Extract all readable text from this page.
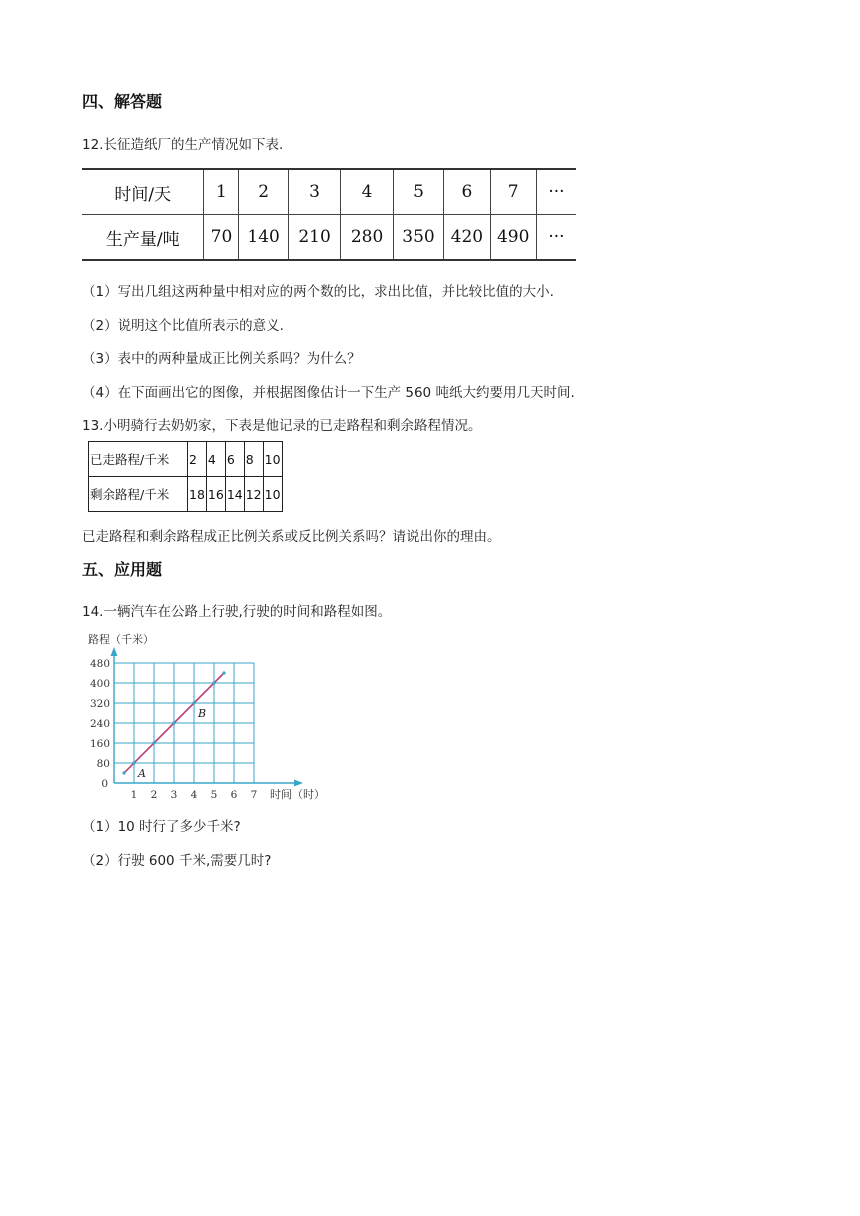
四、解答题
12.长征造纸厂的生产情况如下表.
时间/天	1	2	3	4	5	6	7	···
生产量/吨	70	140	210	280	350	420	490	···
（1）写出几组这两种量中相对应的两个数的比，求出比值，并比较比值的大小.
（2）说明这个比值所表示的意义.
（3）表中的两种量成正比例关系吗？为什么？
（4）在下面画出它的图像，并根据图像估计一下生产 560 吨纸大约要用几天时间.
13.小明骑行去奶奶家，下表是他记录的已走路程和剩余路程情况。
已走路程/千米	2	4	6	8	10
剩余路程/千米	18	16	14	12	10
已走路程和剩余路程成正比例关系或反比例关系吗？请说出你的理由。
五、应用题
14.一辆汽车在公路上行驶,行驶的时间和路程如图。
1 2 3 4 5 6 7
80
160
240
320
400
480
A
B
路程（千米）
时间（时）
0
（1）10 时行了多少千米?
（2）行驶 600 千米,需要几时?
